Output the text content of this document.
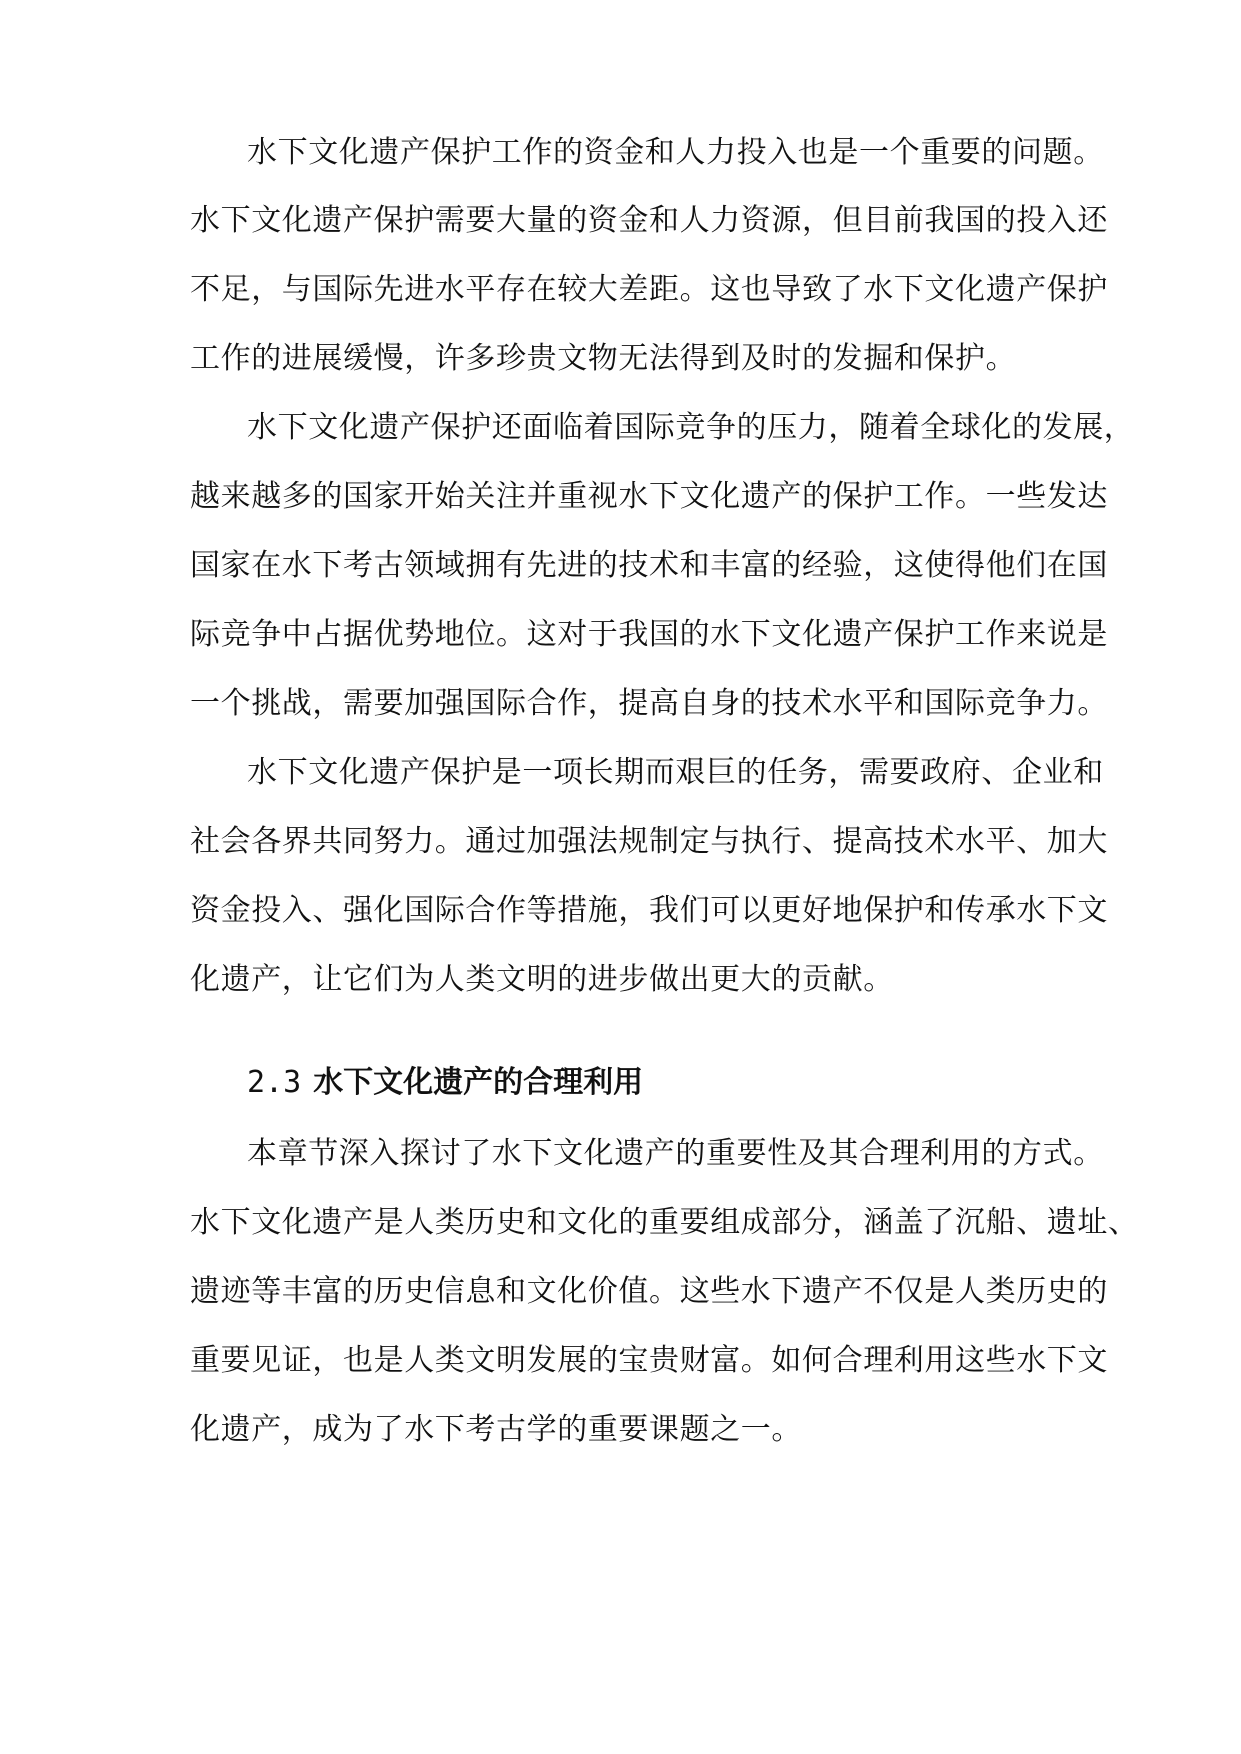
水下文化遗产保护工作的资金和人力投入也是一个重要的问题。
水下文化遗产保护需要大量的资金和人力资源，但目前我国的投入还
不足，与国际先进水平存在较大差距。这也导致了水下文化遗产保护
工作的进展缓慢，许多珍贵文物无法得到及时的发掘和保护。
水下文化遗产保护还面临着国际竞争的压力，随着全球化的发展，
越来越多的国家开始关注并重视水下文化遗产的保护工作。一些发达
国家在水下考古领域拥有先进的技术和丰富的经验，这使得他们在国
际竞争中占据优势地位。这对于我国的水下文化遗产保护工作来说是
一个挑战，需要加强国际合作，提高自身的技术水平和国际竞争力。
水下文化遗产保护是一项长期而艰巨的任务，需要政府、企业和
社会各界共同努力。通过加强法规制定与执行、提高技术水平、加大
资金投入、强化国际合作等措施，我们可以更好地保护和传承水下文
化遗产，让它们为人类文明的进步做出更大的贡献。
2.3 水下文化遗产的合理利用
本章节深入探讨了水下文化遗产的重要性及其合理利用的方式。
水下文化遗产是人类历史和文化的重要组成部分，涵盖了沉船、遗址、
遗迹等丰富的历史信息和文化价值。这些水下遗产不仅是人类历史的
重要见证，也是人类文明发展的宝贵财富。如何合理利用这些水下文
化遗产，成为了水下考古学的重要课题之一。
